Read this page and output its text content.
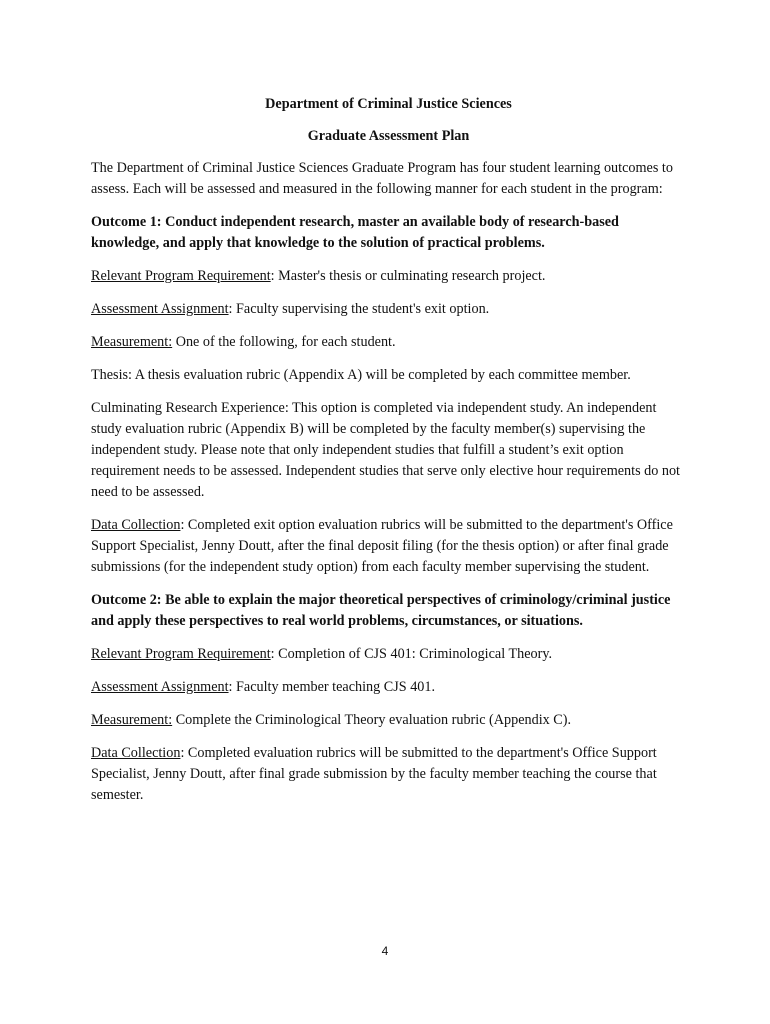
Department of Criminal Justice Sciences
Graduate Assessment Plan

The Department of Criminal Justice Sciences Graduate Program has four student learning outcomes to assess. Each will be assessed and measured in the following manner for each student in the program:

Outcome 1: Conduct independent research, master an available body of research-based knowledge, and apply that knowledge to the solution of practical problems.

Relevant Program Requirement: Master's thesis or culminating research project.

Assessment Assignment: Faculty supervising the student's exit option.

Measurement: One of the following, for each student.

Thesis: A thesis evaluation rubric (Appendix A) will be completed by each committee member.

Culminating Research Experience: This option is completed via independent study. An independent study evaluation rubric (Appendix B) will be completed by the faculty member(s) supervising the independent study. Please note that only independent studies that fulfill a student’s exit option requirement needs to be assessed. Independent studies that serve only elective hour requirements do not need to be assessed.

Data Collection: Completed exit option evaluation rubrics will be submitted to the department's Office Support Specialist, Jenny Doutt, after the final deposit filing (for the thesis option) or after final grade submissions (for the independent study option) from each faculty member supervising the student.

Outcome 2: Be able to explain the major theoretical perspectives of criminology/criminal justice and apply these perspectives to real world problems, circumstances, or situations.

Relevant Program Requirement: Completion of CJS 401: Criminological Theory.

Assessment Assignment: Faculty member teaching CJS 401.

Measurement: Complete the Criminological Theory evaluation rubric (Appendix C).

Data Collection: Completed evaluation rubrics will be submitted to the department's Office Support Specialist, Jenny Doutt, after final grade submission by the faculty member teaching the course that semester.

4
